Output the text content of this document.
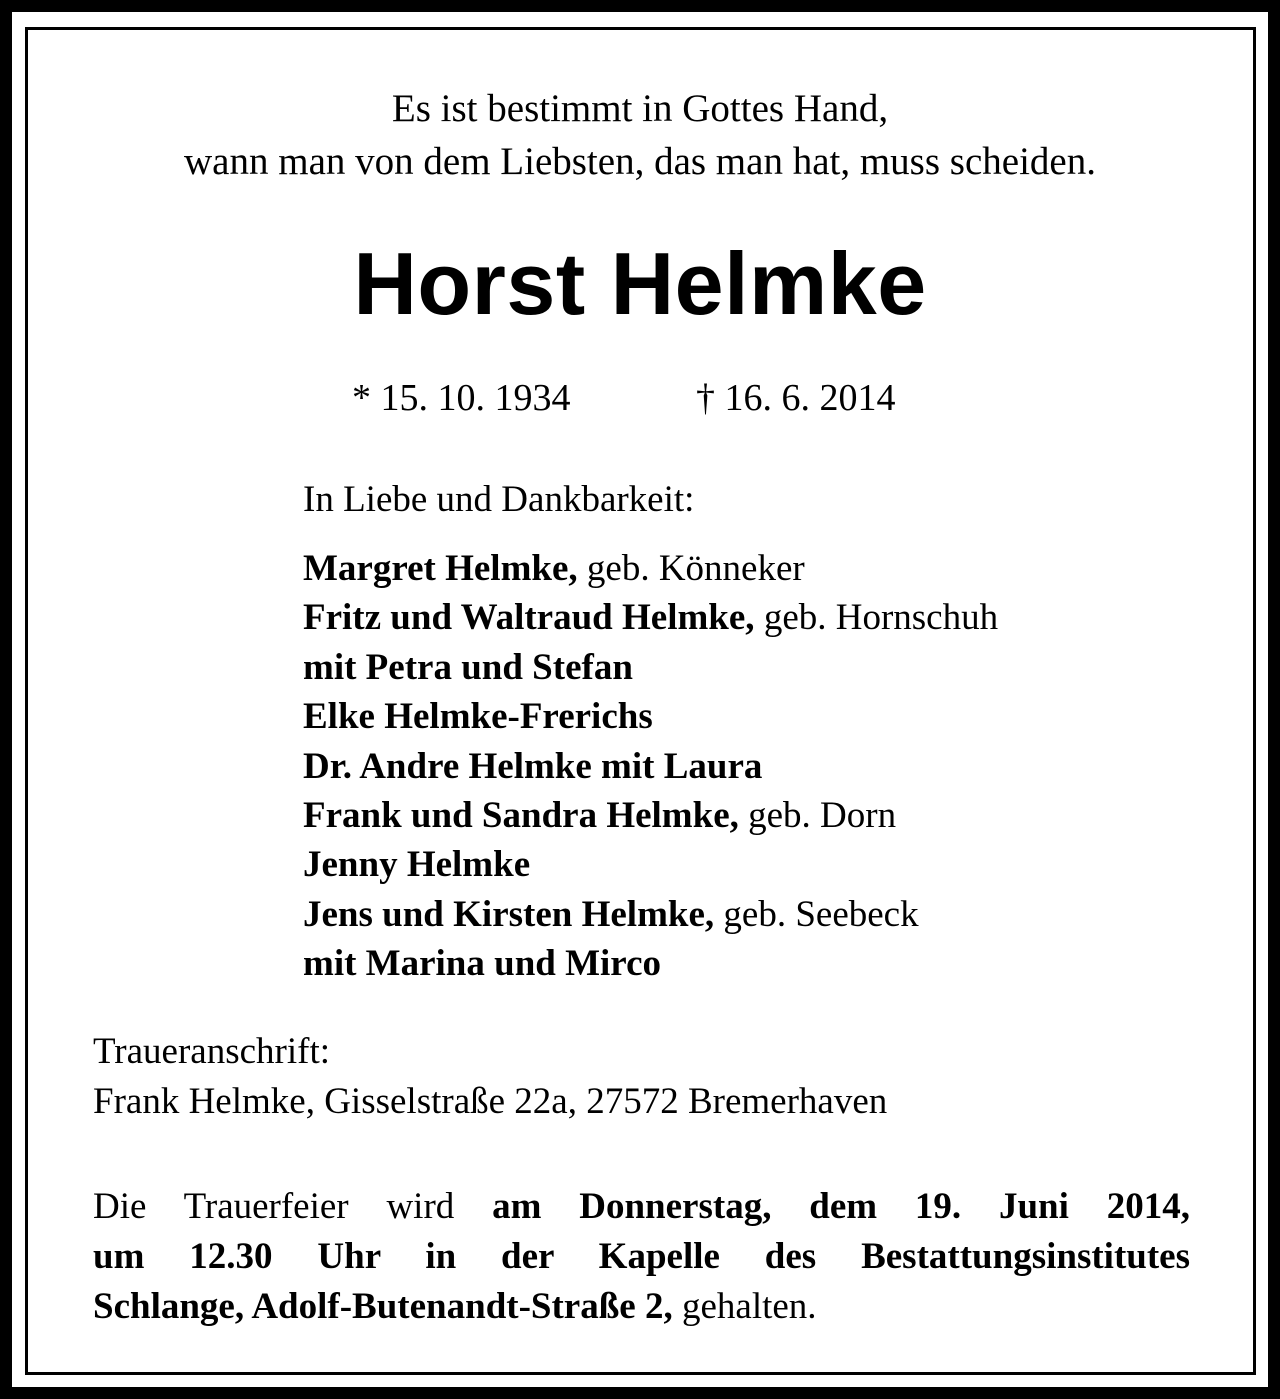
Es ist bestimmt in Gottes Hand,
wann man von dem Liebsten, das man hat, muss scheiden.
Horst Helmke
* 15. 10. 1934	† 16. 6. 2014
In Liebe und Dankbarkeit:
Margret Helmke, geb. Könneker
Fritz und Waltraud Helmke, geb. Hornschuh
mit Petra und Stefan
Elke Helmke-Frerichs
Dr. Andre Helmke mit Laura
Frank und Sandra Helmke, geb. Dorn
Jenny Helmke
Jens und Kirsten Helmke, geb. Seebeck
mit Marina und Mirco
Traueranschrift:
Frank Helmke, Gisselstraße 22a, 27572 Bremerhaven
Die Trauerfeier wird am Donnerstag, dem 19. Juni 2014,
um 12.30 Uhr in der Kapelle des Bestattungsinstitutes
Schlange, Adolf-Butenandt-Straße 2, gehalten.
